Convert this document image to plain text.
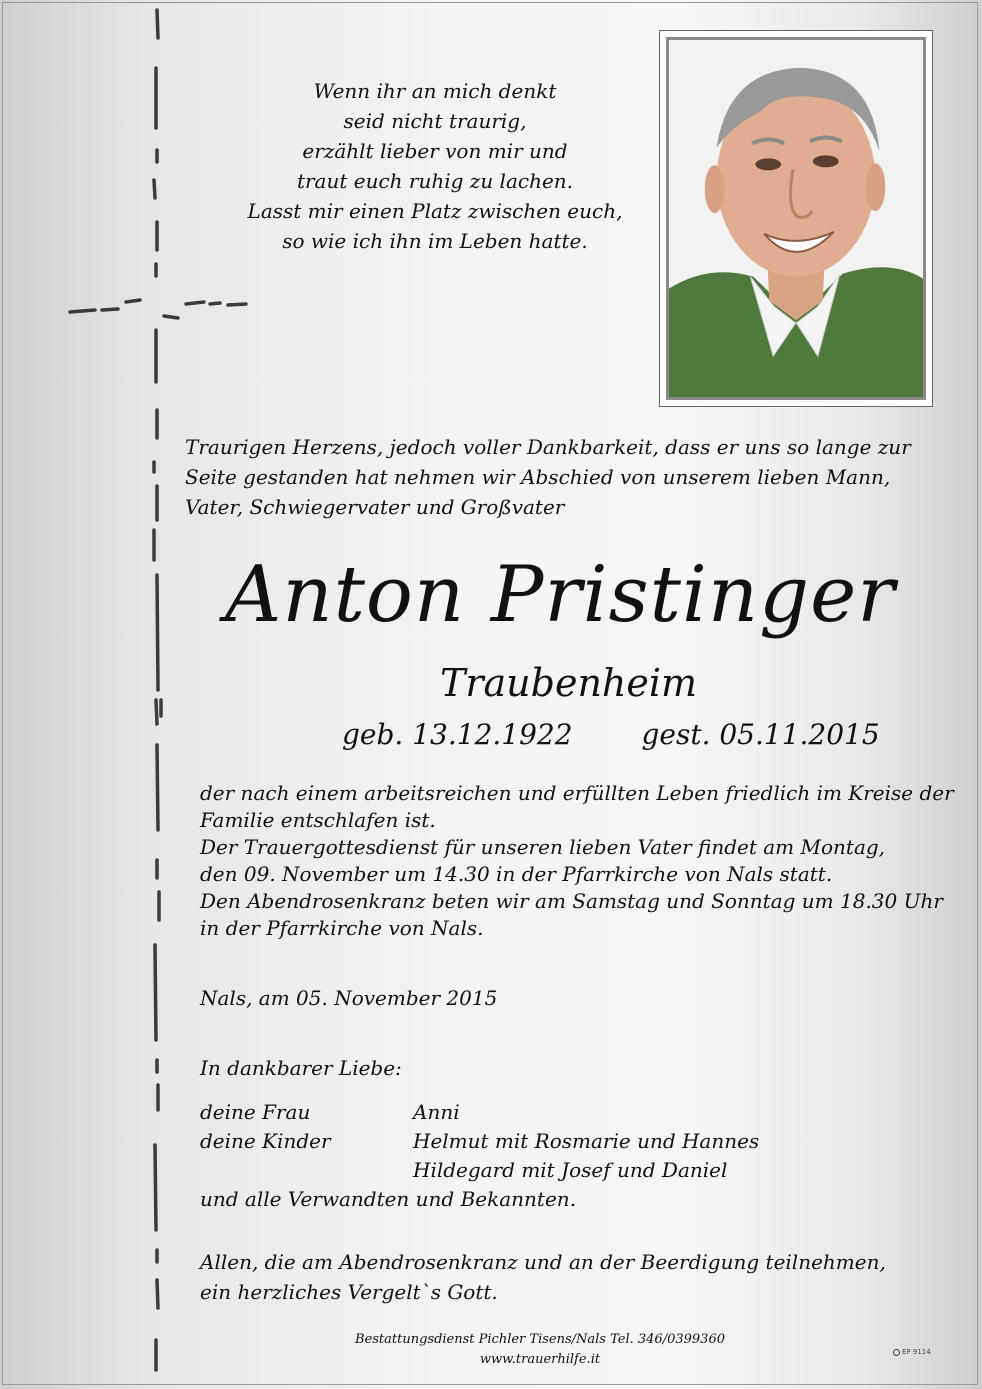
Wenn ihr an mich denkt
seid nicht traurig,
erzählt lieber von mir und
traut euch ruhig zu lachen.
Lasst mir einen Platz zwischen euch,
so wie ich ihn im Leben hatte.
Traurigen Herzens, jedoch voller Dankbarkeit, dass er uns so lange zur Seite gestanden hat nehmen wir Abschied von unserem lieben Mann, Vater, Schwiegervater und Großvater
Anton Pristinger
Traubenheim
geb. 13.12.1922 gest. 05.11.2015
der nach einem arbeitsreichen und erfüllten Leben friedlich im Kreise der
Familie entschlafen ist.
Der Trauergottesdienst für unseren lieben Vater findet am Montag,
den 09. November um 14.30 in der Pfarrkirche von Nals statt.
Den Abendrosenkranz beten wir am Samstag und Sonntag um 18.30 Uhr
in der Pfarrkirche von Nals.
Nals, am 05. November 2015
In dankbarer Liebe:
deine Frau	Anni
deine Kinder	Helmut mit Rosmarie und Hannes
Hildegard mit Josef und Daniel
und alle Verwandten und Bekannten.
Allen, die am Abendrosenkranz und an der Beerdigung teilnehmen, ein herzliches Vergelt`s Gott.
Bestattungsdienst Pichler Tisens/Nals Tel. 346/0399360
www.trauerhilfe.it	EP 9114
